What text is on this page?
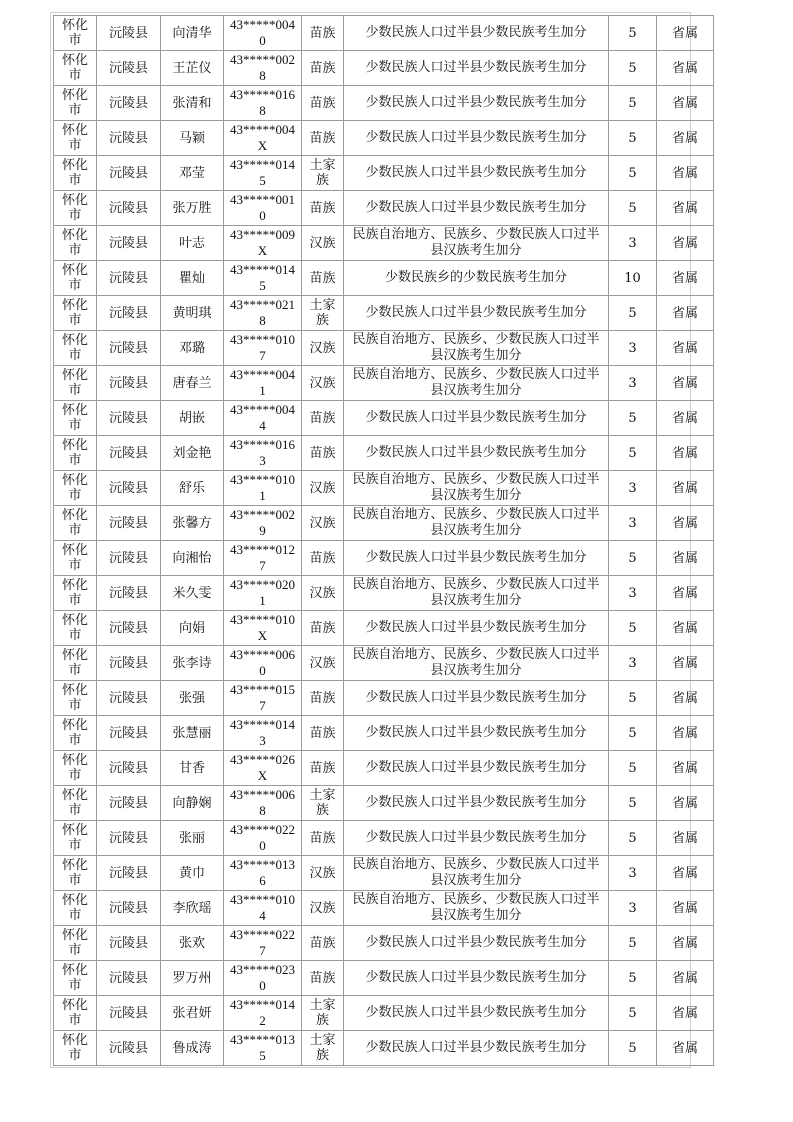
怀化市	沅陵县	向清华	43*****0040	苗族	少数民族人口过半县少数民族考生加分	5	省属

怀化市	沅陵县	王芷仪	43*****0028	苗族	少数民族人口过半县少数民族考生加分	5	省属

怀化市	沅陵县	张清和	43*****0168	苗族	少数民族人口过半县少数民族考生加分	5	省属

怀化市	沅陵县	马颖	43*****004X	苗族	少数民族人口过半县少数民族考生加分	5	省属

怀化市	沅陵县	邓莹	43*****0145	土家族	少数民族人口过半县少数民族考生加分	5	省属

怀化市	沅陵县	张万胜	43*****0010	苗族	少数民族人口过半县少数民族考生加分	5	省属

怀化市	沅陵县	叶志	43*****009X	汉族	民族自治地方、民族乡、少数民族人口过半县汉族考生加分	3	省属

怀化市	沅陵县	瞿灿	43*****0145	苗族	少数民族乡的少数民族考生加分	10	省属

怀化市	沅陵县	黄明琪	43*****0218	土家族	少数民族人口过半县少数民族考生加分	5	省属

怀化市	沅陵县	邓璐	43*****0107	汉族	民族自治地方、民族乡、少数民族人口过半县汉族考生加分	3	省属

怀化市	沅陵县	唐春兰	43*****0041	汉族	民族自治地方、民族乡、少数民族人口过半县汉族考生加分	3	省属

怀化市	沅陵县	胡嵌	43*****0044	苗族	少数民族人口过半县少数民族考生加分	5	省属

怀化市	沅陵县	刘金艳	43*****0163	苗族	少数民族人口过半县少数民族考生加分	5	省属

怀化市	沅陵县	舒乐	43*****0101	汉族	民族自治地方、民族乡、少数民族人口过半县汉族考生加分	3	省属

怀化市	沅陵县	张馨方	43*****0029	汉族	民族自治地方、民族乡、少数民族人口过半县汉族考生加分	3	省属

怀化市	沅陵县	向湘怡	43*****0127	苗族	少数民族人口过半县少数民族考生加分	5	省属

怀化市	沅陵县	米久雯	43*****0201	汉族	民族自治地方、民族乡、少数民族人口过半县汉族考生加分	3	省属

怀化市	沅陵县	向娟	43*****010X	苗族	少数民族人口过半县少数民族考生加分	5	省属

怀化市	沅陵县	张李诗	43*****0060	汉族	民族自治地方、民族乡、少数民族人口过半县汉族考生加分	3	省属

怀化市	沅陵县	张强	43*****0157	苗族	少数民族人口过半县少数民族考生加分	5	省属

怀化市	沅陵县	张慧丽	43*****0143	苗族	少数民族人口过半县少数民族考生加分	5	省属

怀化市	沅陵县	甘香	43*****026X	苗族	少数民族人口过半县少数民族考生加分	5	省属

怀化市	沅陵县	向静娴	43*****0068	土家族	少数民族人口过半县少数民族考生加分	5	省属

怀化市	沅陵县	张丽	43*****0220	苗族	少数民族人口过半县少数民族考生加分	5	省属

怀化市	沅陵县	黄巾	43*****0136	汉族	民族自治地方、民族乡、少数民族人口过半县汉族考生加分	3	省属

怀化市	沅陵县	李欣瑶	43*****0104	汉族	民族自治地方、民族乡、少数民族人口过半县汉族考生加分	3	省属

怀化市	沅陵县	张欢	43*****0227	苗族	少数民族人口过半县少数民族考生加分	5	省属

怀化市	沅陵县	罗万州	43*****0230	苗族	少数民族人口过半县少数民族考生加分	5	省属

怀化市	沅陵县	张君妍	43*****0142	土家族	少数民族人口过半县少数民族考生加分	5	省属

怀化市	沅陵县	鲁成涛	43*****0135	土家族	少数民族人口过半县少数民族考生加分	5	省属
